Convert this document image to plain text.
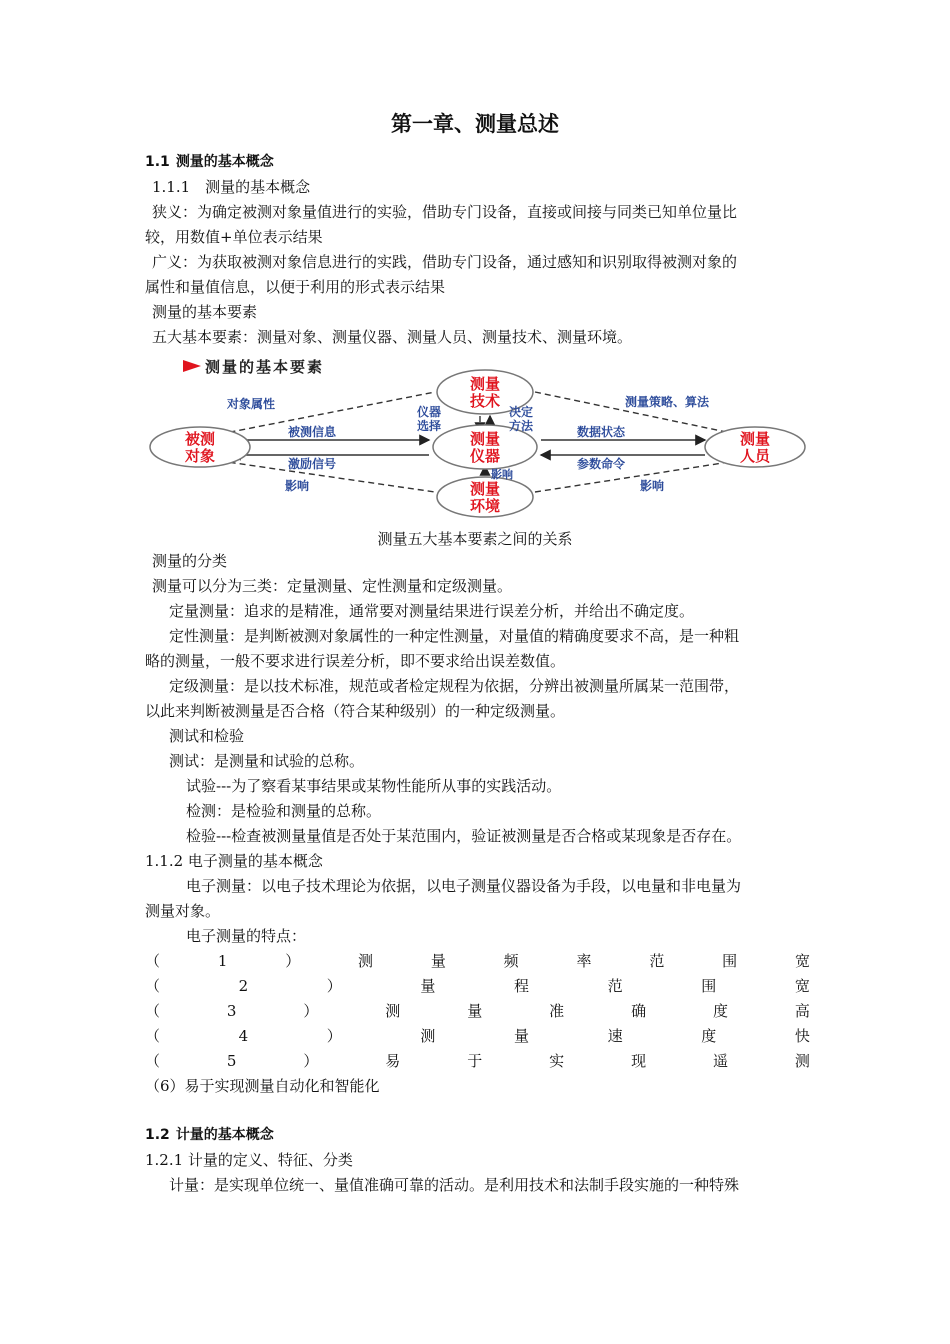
第一章、测量总述
1.1 测量的基本概念
1.1.1　测量的基本概念
狭义：为确定被测对象量值进行的实验，借助专门设备，直接或间接与同类已知单位量比
较，用数值+单位表示结果
广义：为获取被测对象信息进行的实践，借助专门设备，通过感知和识别取得被测对象的
属性和量值信息，以便于利用的形式表示结果
测量的基本要素
五大基本要素：测量对象、测量仪器、测量人员、测量技术、测量环境。
测量的基本要素
测量
技术
测量
仪器
被测
对象
测量
人员
测量
环境
对象属性	测量策略、算法
仪器
选择
决定
方法
被测信息
激励信号
数据状态
参数命令
影响
影响	影响
测量五大基本要素之间的关系
测量的分类
测量可以分为三类：定量测量、定性测量和定级测量。
定量测量：追求的是精准，通常要对测量结果进行误差分析，并给出不确定度。
定性测量：是判断被测对象属性的一种定性测量，对量值的精确度要求不高，是一种粗
略的测量，一般不要求进行误差分析，即不要求给出误差数值。
定级测量：是以技术标准，规范或者检定规程为依据，分辨出被测量所属某一范围带，
以此来判断被测量是否合格（符合某种级别）的一种定级测量。
测试和检验
测试：是测量和试验的总称。
试验---为了察看某事结果或某物性能所从事的实践活动。
检测：是检验和测量的总称。
检验---检查被测量量值是否处于某范围内，验证被测量是否合格或某现象是否存在。
1.1.2 电子测量的基本概念
电子测量：以电子技术理论为依据，以电子测量仪器设备为手段，以电量和非电量为
测量对象。
电子测量的特点：
（	1	）	测	量	频	率	范	围	宽
（	2	）	量	程	范	围	宽
（	3	）	测	量	准	确	度	高
（	4	）	测	量	速	度	快
（	5	）	易	于	实	现	遥	测
（6）易于实现测量自动化和智能化
1.2 计量的基本概念
1.2.1 计量的定义、特征、分类
计量：是实现单位统一、量值准确可靠的活动。是利用技术和法制手段实施的一种特殊
